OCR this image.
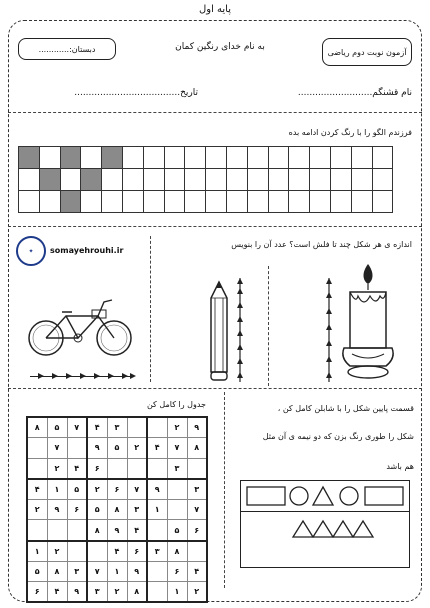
پایه اول
دبستان:............	به نام خدای رنگین کمان	آزمون نوبت دوم ریاضی
نام قشنگم..........................
تاریخ.....................................
فرزندم الگو را با رنگ کردن ادامه بده

اندازه ی هر شکل چند تا فلش است؟ عدد آن را بنویس
✦	somayehrouhi.ir
جدول را کامل کن
۸	۵	۷	۴	۳			۲	۹
	۷		۹	۵	۲	۴	۷	۸
	۲	۴	۶				۳	
۴	۱	۵	۲	۶	۷	۹		۳
۲	۹	۶	۵	۸	۳	۱		۷
			۸	۹	۴		۵	۶
۱	۲			۴	۶	۳	۸	
۵	۸	۳	۷	۱	۹		۶	۴
۶	۴	۹	۳	۲	۸		۱	۲
قسمت پایین شکل را با شابلن کامل کن ،
شکل را طوری رنگ بزن که دو نیمه ی آن مثل
هم باشد
